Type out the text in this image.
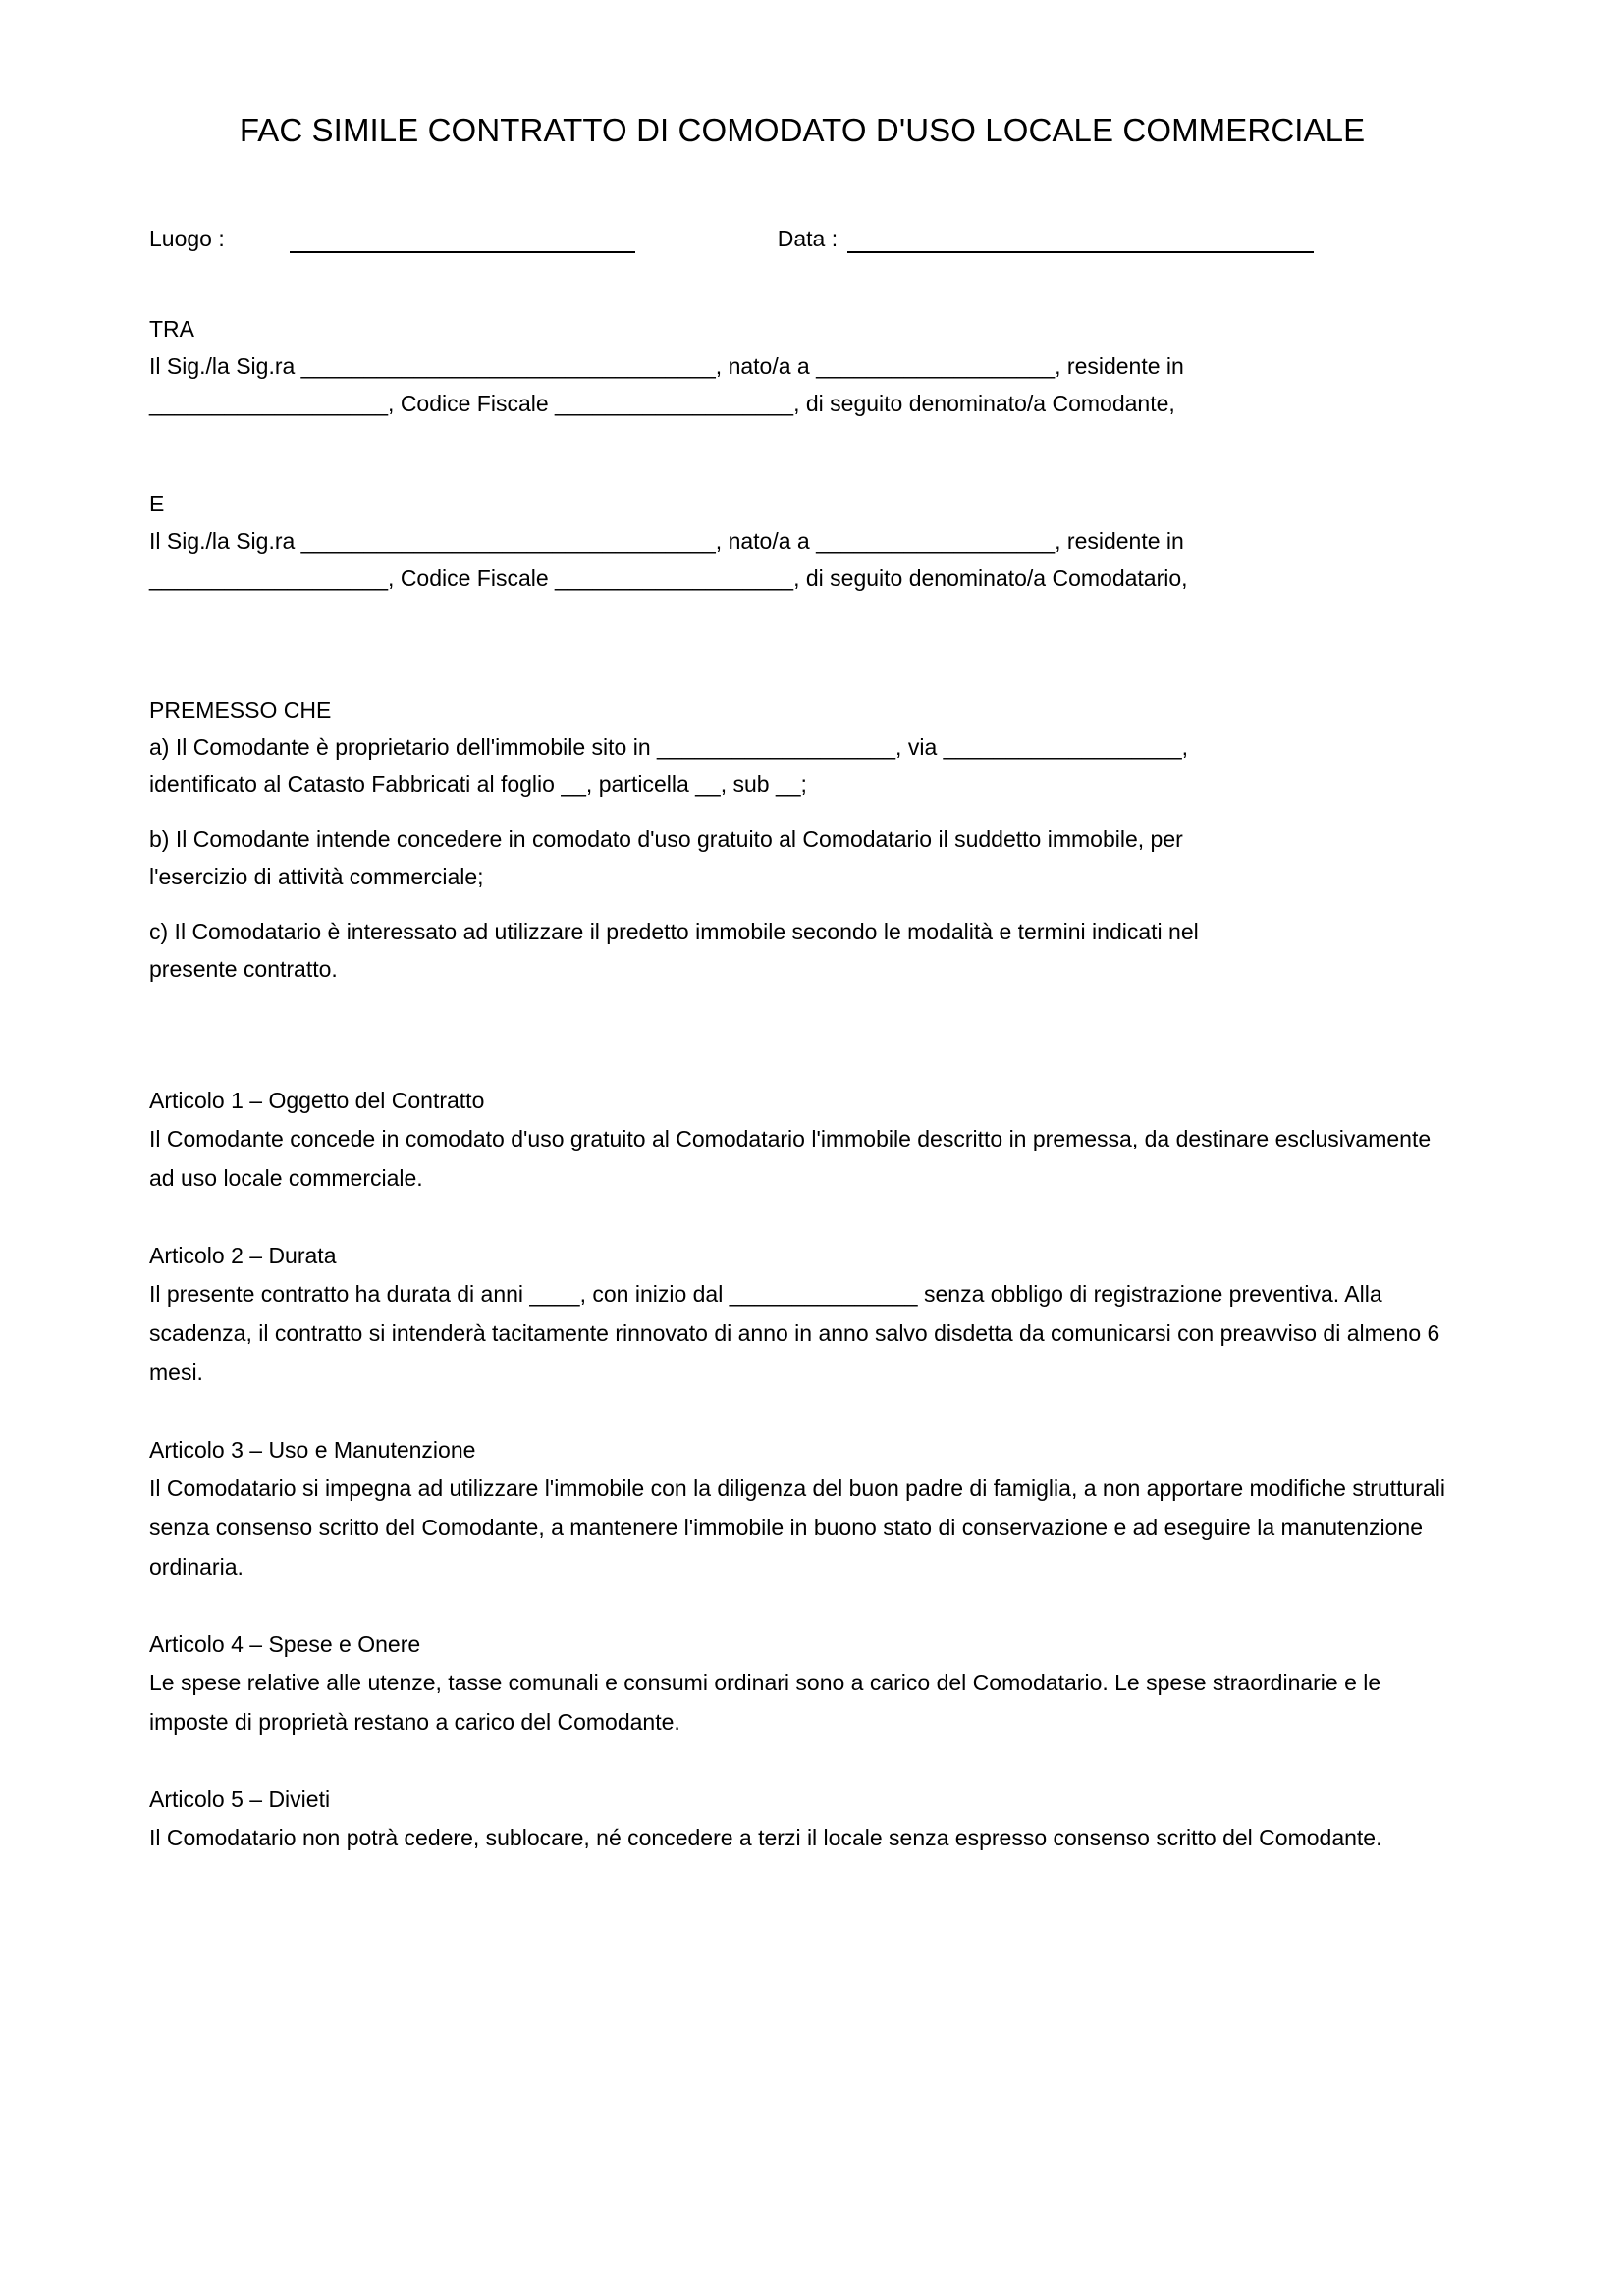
FAC SIMILE CONTRATTO DI COMODATO D'USO LOCALE COMMERCIALE
Luogo :	Data :

TRA

Il Sig./la Sig.ra _________________________________, nato/a a ___________________, residente in

___________________, Codice Fiscale ___________________, di seguito denominato/a Comodante,

E

Il Sig./la Sig.ra _________________________________, nato/a a ___________________, residente in

___________________, Codice Fiscale ___________________, di seguito denominato/a Comodatario,

PREMESSO CHE

a) Il Comodante è proprietario dell'immobile sito in ___________________, via ___________________,

identificato al Catasto Fabbricati al foglio __, particella __, sub __;

b) Il Comodante intende concedere in comodato d'uso gratuito al Comodatario il suddetto immobile, per

l'esercizio di attività commerciale;

c) Il Comodatario è interessato ad utilizzare il predetto immobile secondo le modalità e termini indicati nel

presente contratto.

Articolo 1 – Oggetto del Contratto

Il Comodante concede in comodato d'uso gratuito al Comodatario l'immobile descritto in premessa, da destinare esclusivamente ad uso locale commerciale.

Articolo 2 – Durata

Il presente contratto ha durata di anni ____, con inizio dal _______________ senza obbligo di registrazione preventiva. Alla scadenza, il contratto si intenderà tacitamente rinnovato di anno in anno salvo disdetta da comunicarsi con preavviso di almeno 6 mesi.

Articolo 3 – Uso e Manutenzione

Il Comodatario si impegna ad utilizzare l'immobile con la diligenza del buon padre di famiglia, a non apportare modifiche strutturali senza consenso scritto del Comodante, a mantenere l'immobile in buono stato di conservazione e ad eseguire la manutenzione ordinaria.

Articolo 4 – Spese e Onere

Le spese relative alle utenze, tasse comunali e consumi ordinari sono a carico del Comodatario. Le spese straordinarie e le imposte di proprietà restano a carico del Comodante.

Articolo 5 – Divieti

Il Comodatario non potrà cedere, sublocare, né concedere a terzi il locale senza espresso consenso scritto del Comodante.
